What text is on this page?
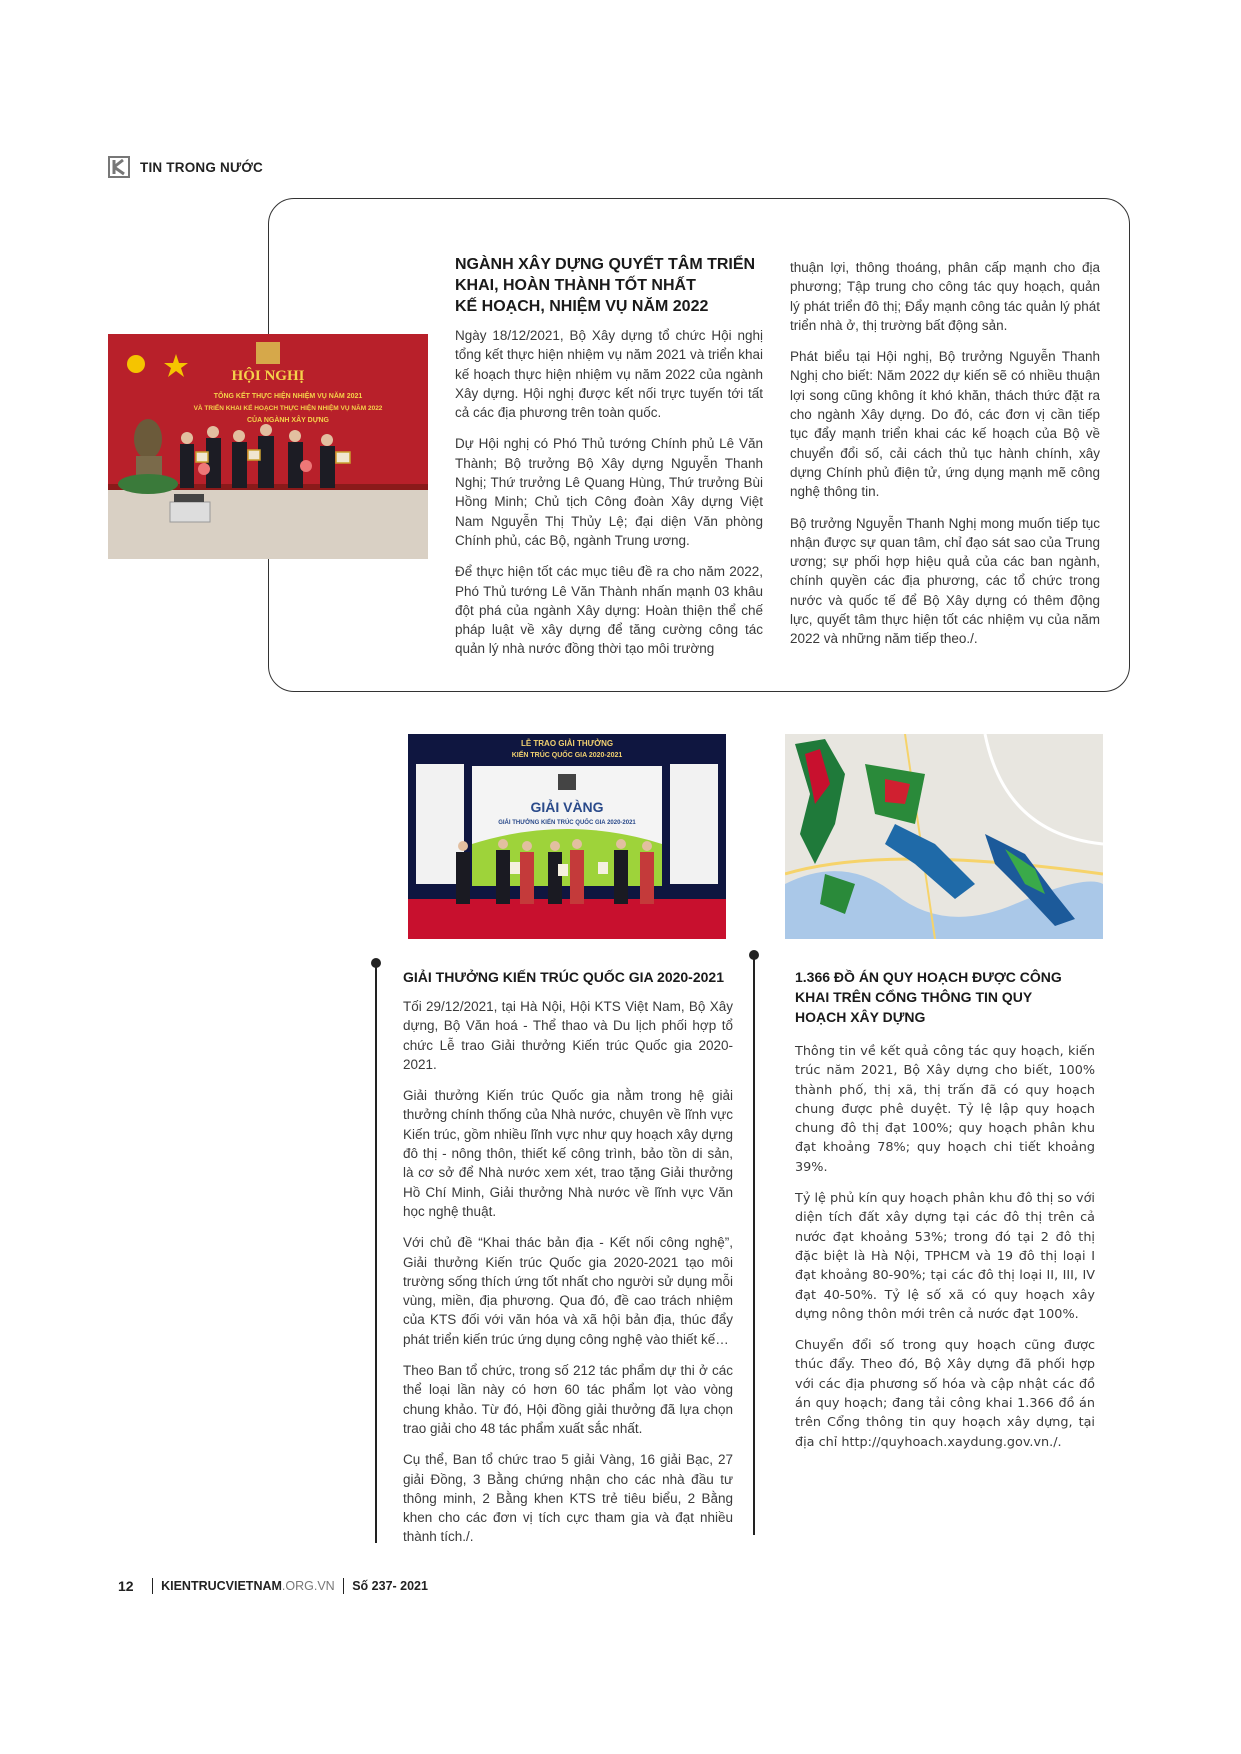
TIN TRONG NƯỚC
HỘI NGHỊ
TỔNG KẾT THỰC HIỆN NHIỆM VỤ NĂM 2021
VÀ TRIỂN KHAI KẾ HOẠCH THỰC HIỆN NHIỆM VỤ NĂM 2022
CỦA NGÀNH XÂY DỰNG
NGÀNH XÂY DỰNG QUYẾT TÂM TRIỂN
KHAI, HOÀN THÀNH TỐT NHẤT
KẾ HOẠCH, NHIỆM VỤ NĂM 2022

Ngày 18/12/2021, Bộ Xây dựng tổ chức Hội nghị tổng kết thực hiện nhiệm vụ năm 2021 và triển khai kế hoạch thực hiện nhiệm vụ năm 2022 của ngành Xây dựng. Hội nghị được kết nối trực tuyến tới tất cả các địa phương trên toàn quốc.

Dự Hội nghị có Phó Thủ tướng Chính phủ Lê Văn Thành; Bộ trưởng Bộ Xây dựng Nguyễn Thanh Nghị; Thứ trưởng Lê Quang Hùng, Thứ trưởng Bùi Hồng Minh; Chủ tịch Công đoàn Xây dựng Việt Nam Nguyễn Thị Thủy Lệ; đại diện Văn phòng Chính phủ, các Bộ, ngành Trung ương.

Để thực hiện tốt các mục tiêu đề ra cho năm 2022, Phó Thủ tướng Lê Văn Thành nhấn mạnh 03 khâu đột phá của ngành Xây dựng: Hoàn thiện thể chế pháp luật về xây dựng để tăng cường công tác quản lý nhà nước đồng thời tạo môi trường

thuận lợi, thông thoáng, phân cấp mạnh cho địa phương; Tập trung cho công tác quy hoạch, quản lý phát triển đô thị; Đẩy mạnh công tác quản lý phát triển nhà ở, thị trường bất động sản.

Phát biểu tại Hội nghị, Bộ trưởng Nguyễn Thanh Nghị cho biết: Năm 2022 dự kiến sẽ có nhiều thuận lợi song cũng không ít khó khăn, thách thức đặt ra cho ngành Xây dựng. Do đó, các đơn vị cần tiếp tục đẩy mạnh triển khai các kế hoạch của Bộ về chuyển đổi số, cải cách thủ tục hành chính, xây dựng Chính phủ điện tử, ứng dụng mạnh mẽ công nghệ thông tin.

Bộ trưởng Nguyễn Thanh Nghị mong muốn tiếp tục nhận được sự quan tâm, chỉ đạo sát sao của Trung ương; sự phối hợp hiệu quả của các ban ngành, chính quyền các địa phương, các tổ chức trong nước và quốc tế để Bộ Xây dựng có thêm động lực, quyết tâm thực hiện tốt các nhiệm vụ của năm 2022 và những năm tiếp theo./.

LỄ TRAO GIẢI THƯỞNG
KIẾN TRÚC QUỐC GIA 2020-2021
GIẢI VÀNG
GIẢI THƯỞNG KIẾN TRÚC QUỐC GIA 2020-2021
GIẢI THƯỞNG KIẾN TRÚC QUỐC GIA 2020-2021

Tối 29/12/2021, tại Hà Nội, Hội KTS Việt Nam, Bộ Xây dựng, Bộ Văn hoá - Thể thao và Du lịch phối hợp tổ chức Lễ trao Giải thưởng Kiến trúc Quốc gia 2020-2021.

Giải thưởng Kiến trúc Quốc gia nằm trong hệ giải thưởng chính thống của Nhà nước, chuyên về lĩnh vực Kiến trúc, gồm nhiều lĩnh vực như quy hoạch xây dựng đô thị - nông thôn, thiết kế công trình, bảo tồn di sản, là cơ sở để Nhà nước xem xét, trao tặng Giải thưởng Hồ Chí Minh, Giải thưởng Nhà nước về lĩnh vực Văn học nghệ thuật.

Với chủ đề “Khai thác bản địa - Kết nối công nghệ”, Giải thưởng Kiến trúc Quốc gia 2020-2021 tạo môi trường sống thích ứng tốt nhất cho người sử dụng mỗi vùng, miền, địa phương. Qua đó, đề cao trách nhiệm của KTS đối với văn hóa và xã hội bản địa, thúc đẩy phát triển kiến trúc ứng dụng công nghệ vào thiết kế…

Theo Ban tổ chức, trong số 212 tác phẩm dự thi ở các thể loại lần này có hơn 60 tác phẩm lọt vào vòng chung khảo. Từ đó, Hội đồng giải thưởng đã lựa chọn trao giải cho 48 tác phẩm xuất sắc nhất.

Cụ thể, Ban tổ chức trao 5 giải Vàng, 16 giải Bạc, 27 giải Đồng, 3 Bằng chứng nhận cho các nhà đầu tư thông minh, 2 Bằng khen KTS trẻ tiêu biểu, 2 Bằng khen cho các đơn vị tích cực tham gia và đạt nhiều thành tích./.

1.366 ĐỒ ÁN QUY HOẠCH ĐƯỢC CÔNG
KHAI TRÊN CỔNG THÔNG TIN QUY
HOẠCH XÂY DỰNG

Thông tin về kết quả công tác quy hoạch, kiến trúc năm 2021, Bộ Xây dựng cho biết, 100% thành phố, thị xã, thị trấn đã có quy hoạch chung được phê duyệt. Tỷ lệ lập quy hoạch chung đô thị đạt 100%; quy hoạch phân khu đạt khoảng 78%; quy hoạch chi tiết khoảng 39%.

Tỷ lệ phủ kín quy hoạch phân khu đô thị so với diện tích đất xây dựng tại các đô thị trên cả nước đạt khoảng 53%; trong đó tại 2 đô thị đặc biệt là Hà Nội, TPHCM và 19 đô thị loại I đạt khoảng 80-90%; tại các đô thị loại II, III, IV đạt 40-50%. Tỷ lệ số xã có quy hoạch xây dựng nông thôn mới trên cả nước đạt 100%.

Chuyển đổi số trong quy hoạch cũng được thúc đẩy. Theo đó, Bộ Xây dựng đã phối hợp với các địa phương số hóa và cập nhật các đồ án quy hoạch; đang tải công khai 1.366 đồ án trên Cổng thông tin quy hoạch xây dựng, tại địa chỉ http://quyhoach.xaydung.gov.vn./.

12 KIENTRUCVIETNAM .ORG.VN Số 237- 2021
